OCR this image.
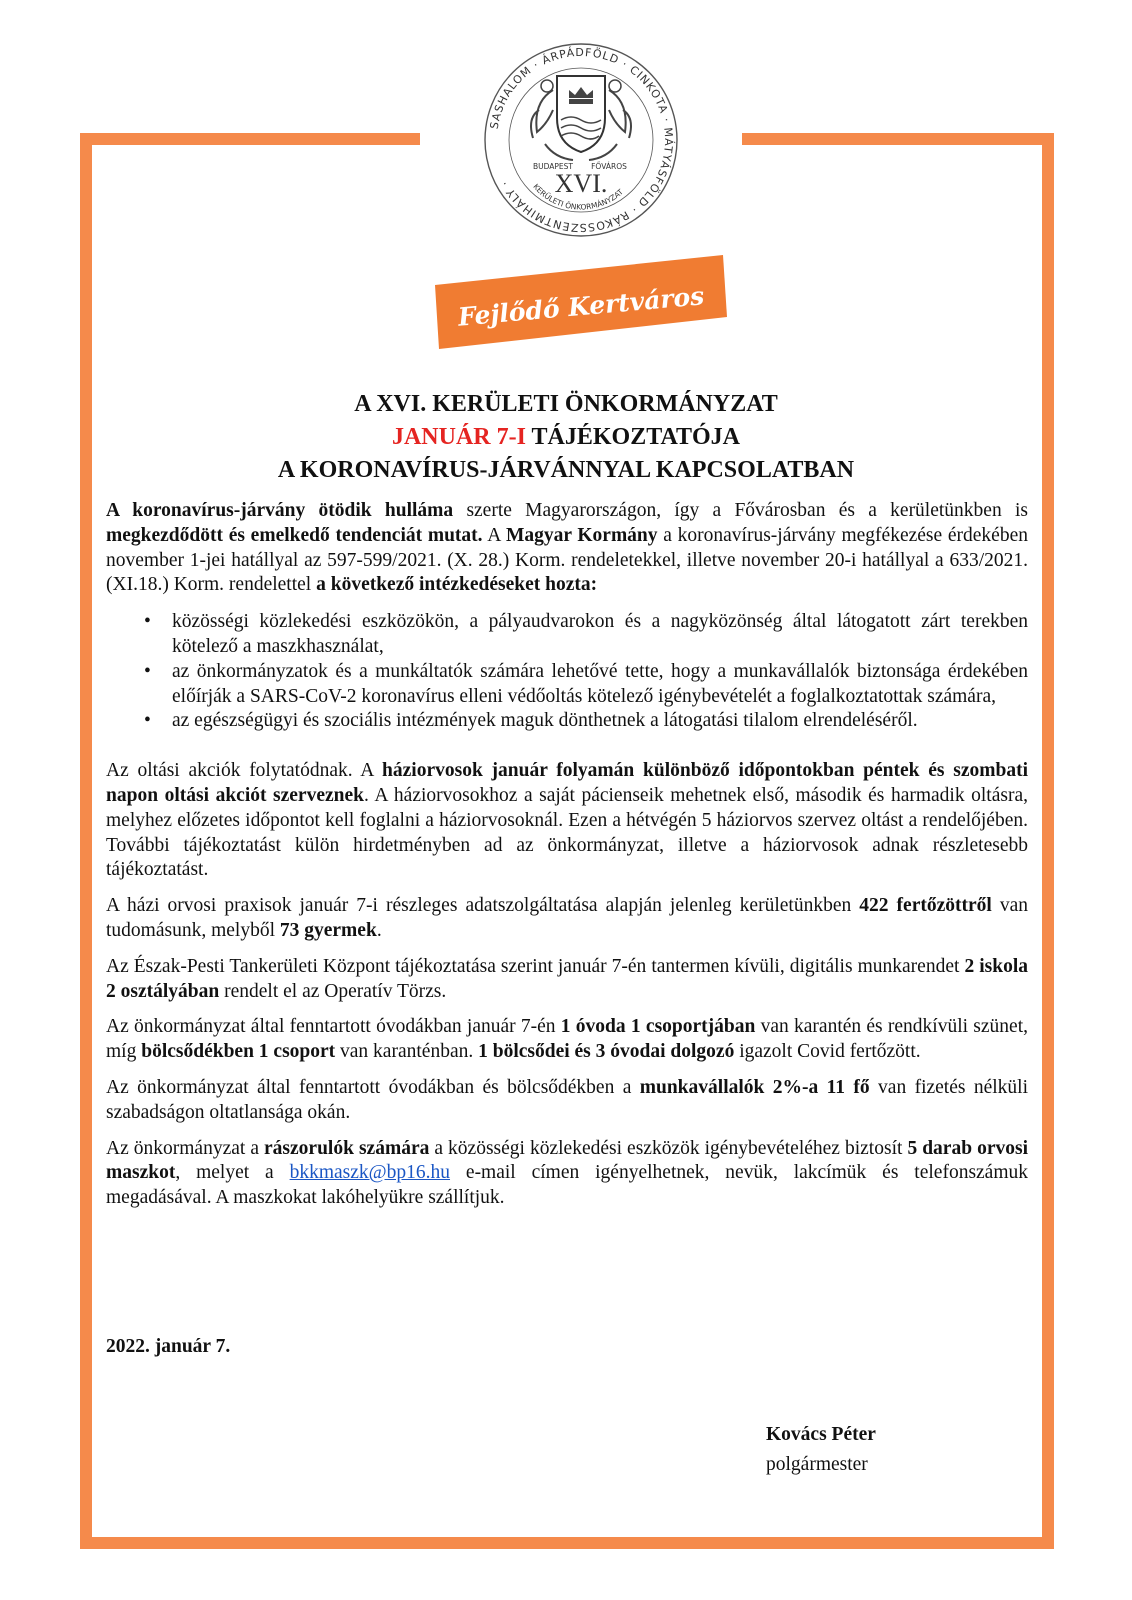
SASHALOM · ÁRPÁDFÖLD · CINKOTA · MÁTYÁSFÖLD · RÁKOSSZENTMIHÁLY ·
BUDAPEST FŐVÁROS
XVI.
KERÜLETI ÖNKORMÁNYZAT
Fejlődő Kertváros
A XVI. KERÜLETI ÖNKORMÁNYZAT
JANUÁR 7-I TÁJÉKOZTATÓJA
A KORONAVÍRUS-JÁRVÁNNYAL KAPCSOLATBAN

A koronavírus-járvány ötödik hulláma szerte Magyarországon, így a Fővárosban és a kerületünkben is megkezdődött és emelkedő tendenciát mutat. A Magyar Kormány a koronavírus-járvány megfékezése érdekében november 1-jei hatállyal az 597-599/2021. (X. 28.) Korm. rendeletekkel, illetve november 20-i hatállyal a 633/2021. (XI.18.) Korm. rendelettel a következő intézkedéseket hozta:

• közösségi közlekedési eszközökön, a pályaudvarokon és a nagyközönség által látogatott zárt terekben kötelező a maszkhasználat,
• az önkormányzatok és a munkáltatók számára lehetővé tette, hogy a munkavállalók biztonsága érdekében előírják a SARS-CoV-2 koronavírus elleni védőoltás kötelező igénybevételét a foglalkoztatottak számára,
• az egészségügyi és szociális intézmények maguk dönthetnek a látogatási tilalom elrendeléséről.

Az oltási akciók folytatódnak. A háziorvosok január folyamán különböző időpontokban péntek és szombati napon oltási akciót szerveznek. A háziorvosokhoz a saját pácienseik mehetnek első, második és harmadik oltásra, melyhez előzetes időpontot kell foglalni a háziorvosoknál. Ezen a hétvégén 5 háziorvos szervez oltást a rendelőjében. További tájékoztatást külön hirdetményben ad az önkormányzat, illetve a háziorvosok adnak részletesebb tájékoztatást.

A házi orvosi praxisok január 7-i részleges adatszolgáltatása alapján jelenleg kerületünkben 422 fertőzöttről van tudomásunk, melyből 73 gyermek.

Az Észak-Pesti Tankerületi Központ tájékoztatása szerint január 7-én tantermen kívüli, digitális munkarendet 2 iskola 2 osztályában rendelt el az Operatív Törzs.

Az önkormányzat által fenntartott óvodákban január 7-én 1 óvoda 1 csoportjában van karantén és rendkívüli szünet, míg bölcsődékben 1 csoport van karanténban. 1 bölcsődei és 3 óvodai dolgozó igazolt Covid fertőzött.

Az önkormányzat által fenntartott óvodákban és bölcsődékben a munkavállalók 2%-a 11 fő van fizetés nélküli szabadságon oltatlansága okán.

Az önkormányzat a rászorulók számára a közösségi közlekedési eszközök igénybevételéhez biztosít 5 darab orvosi maszkot, melyet a bkkmaszk@bp16.hu e-mail címen igényelhetnek, nevük, lakcímük és telefonszámuk megadásával. A maszkokat lakóhelyükre szállítjuk.

2022. január 7.
Kovács Péter
polgármester
